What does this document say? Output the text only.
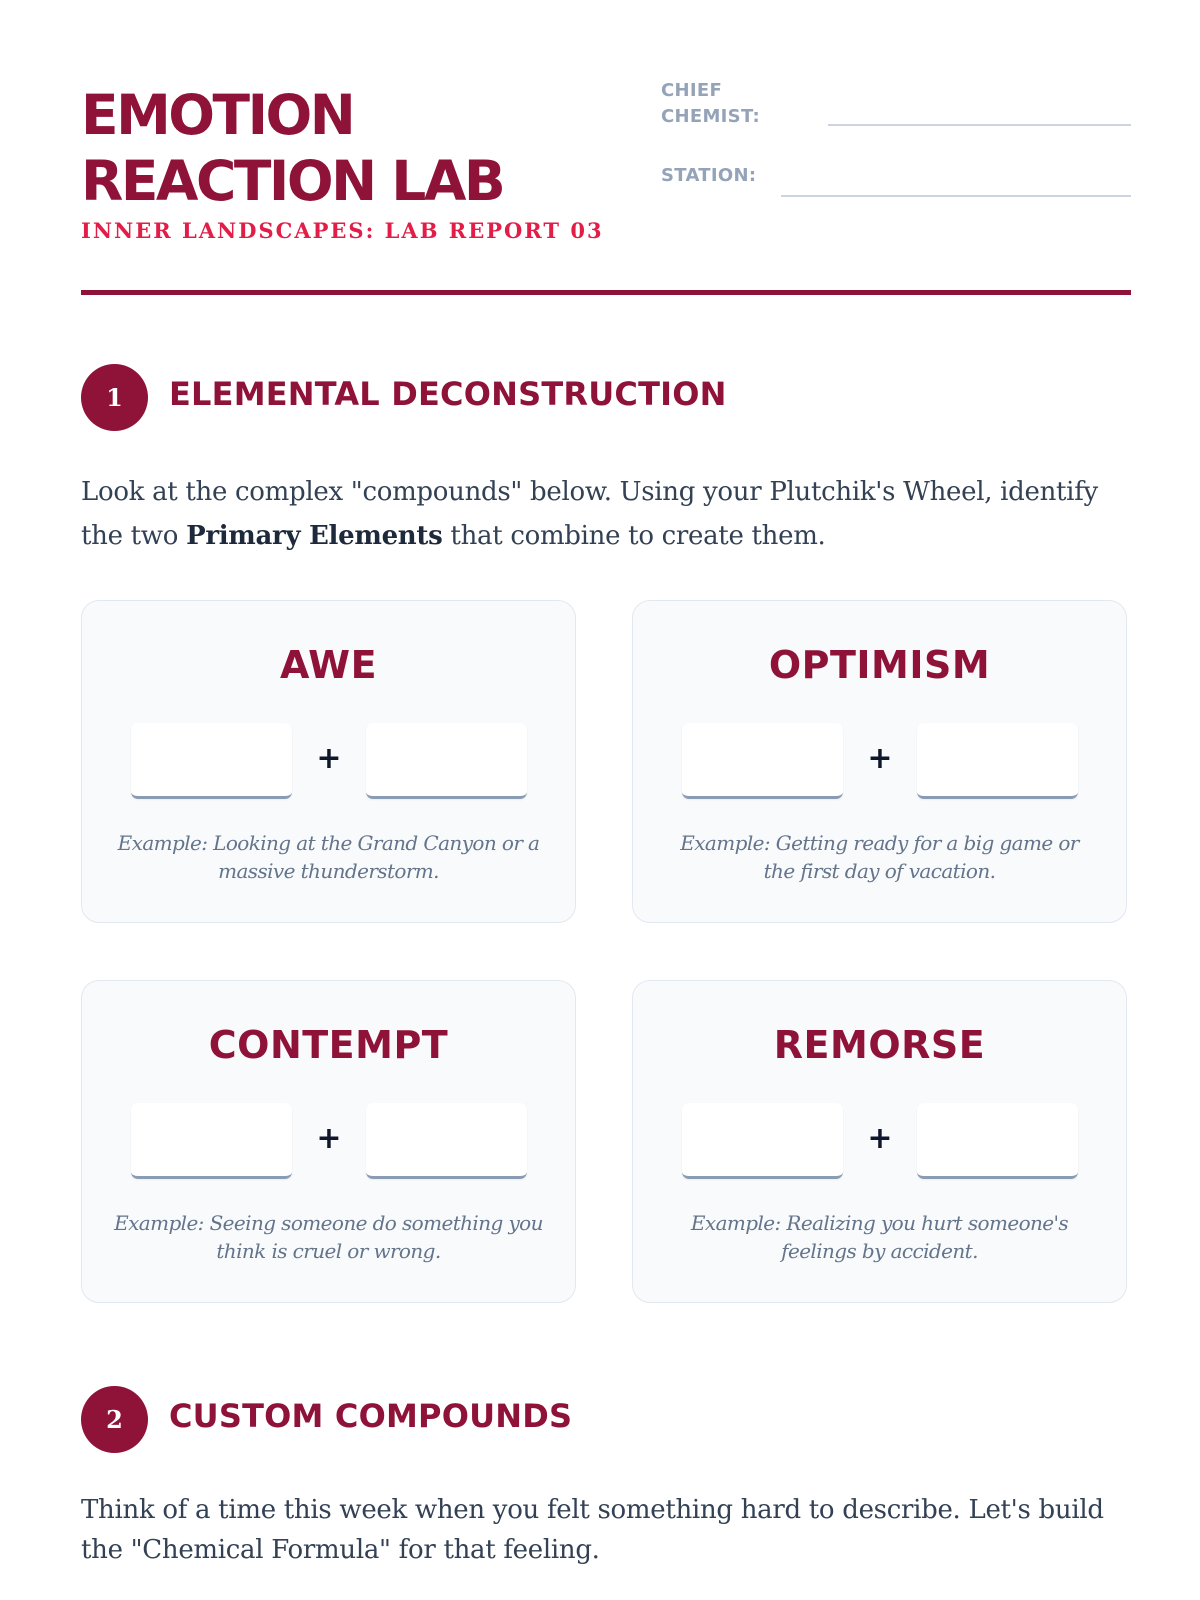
EMOTION
REACTION LAB
INNER LANDSCAPES: LAB REPORT 03
CHIEF
CHEMIST:
STATION:
1	ELEMENTAL DECONSTRUCTION

Look at the complex "compounds" below. Using your Plutchik's Wheel, identify the two Primary Elements that combine to create them.

AWE
+

Example: Looking at the Grand Canyon or a massive thunderstorm.

OPTIMISM
+

Example: Getting ready for a big game or the first day of vacation.

CONTEMPT
+

Example: Seeing someone do something you think is cruel or wrong.

REMORSE
+

Example: Realizing you hurt someone's feelings by accident.

2	CUSTOM COMPOUNDS

Think of a time this week when you felt something hard to describe. Let's build the "Chemical Formula" for that feeling.
